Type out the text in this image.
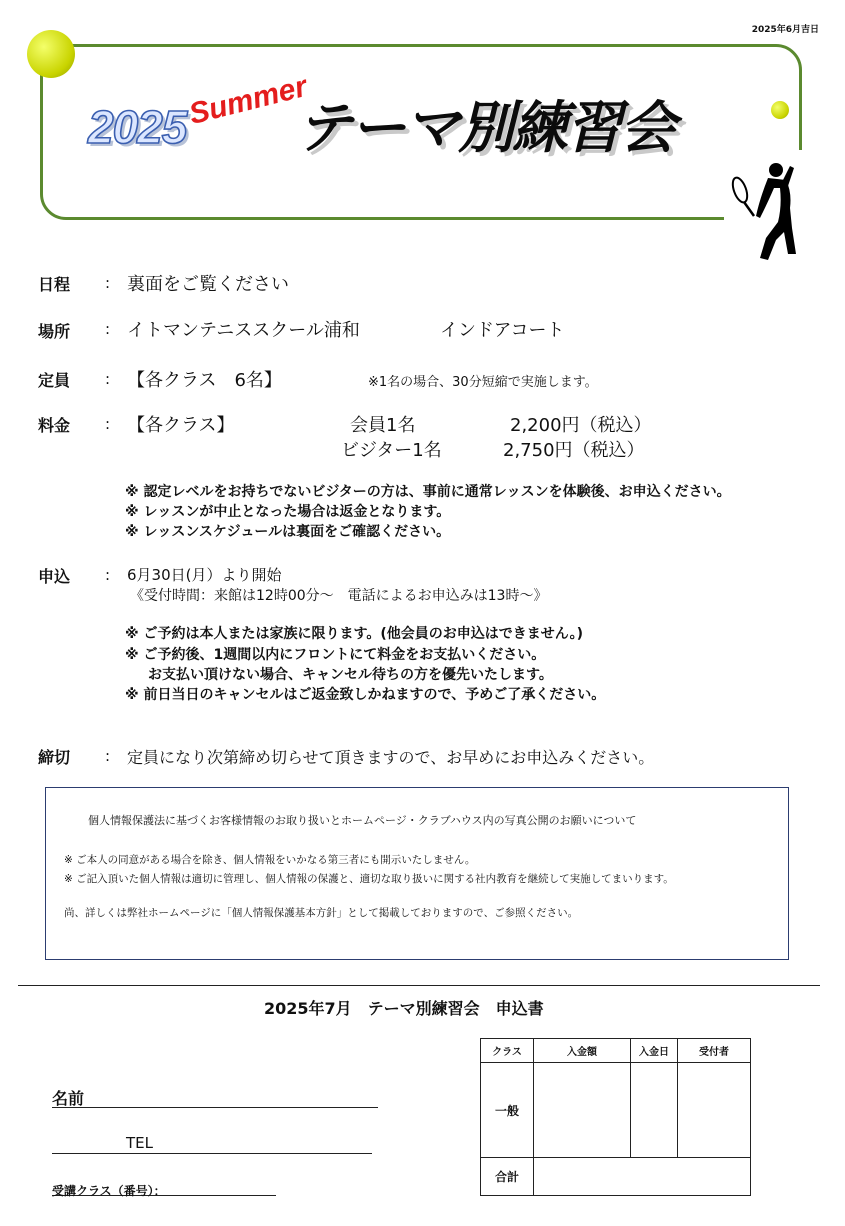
2025年6月吉日
2025 テーマ別練習会
Summer
日程 : 裏面をご覧ください
場所 : イトマンテニススクール浦和	インドアコート
定員 : 【各クラス　6名】	※1名の場合、30分短縮で実施します。
料金 : 【各クラス】	会員1名	2,200円（税込）
ビジター1名	2,750円（税込）
※ 認定レベルをお持ちでないビジターの方は、事前に通常レッスンを体験後、お申込ください。
※ レッスンが中止となった場合は返金となります。
※ レッスンスケジュールは裏面をご確認ください。
申込 : 6月30日(月）より開始
《受付時間：来館は12時00分～　電話によるお申込みは13時～》
※ ご予約は本人または家族に限ります。(他会員のお申込はできません。)
※ ご予約後、1週間以内にフロントにて料金をお支払いください。
お支払い頂けない場合、キャンセル待ちの方を優先いたします。
※ 前日当日のキャンセルはご返金致しかねますので、予めご了承ください。
締切 : 定員になり次第締め切らせて頂きますので、お早めにお申込みください。
個人情報保護法に基づくお客様情報のお取り扱いとホームページ・クラブハウス内の写真公開のお願いについて
※ ご本人の同意がある場合を除き、個人情報をいかなる第三者にも開示いたしません。
※ ご記入頂いた個人情報は適切に管理し、個人情報の保護と、適切な取り扱いに関する社内教育を継続して実施してまいります。
尚、詳しくは弊社ホームページに「個人情報保護基本方針」として掲載しておりますので、ご参照ください。
2025年7月　テーマ別練習会　申込書
名前
TEL
受講クラス（番号）：
クラス	入金額	入金日	受付者
一般			
合計			
